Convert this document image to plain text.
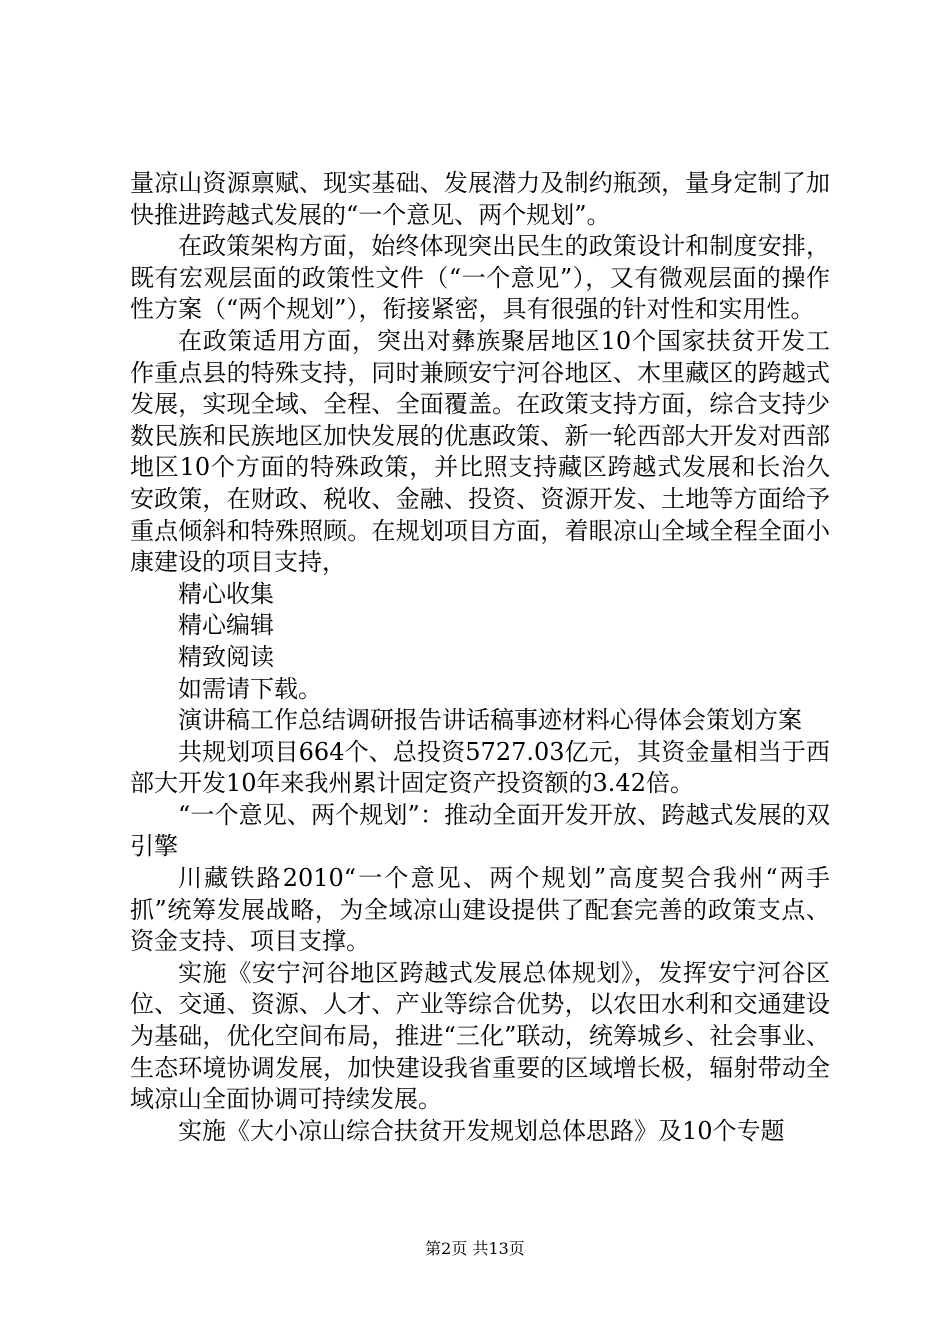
量凉山资源禀赋、现实基础、发展潜力及制约瓶颈，量身定制了加快推进跨越式发展的“一个意见、两个规划”。

在政策架构方面，始终体现突出民生的政策设计和制度安排，既有宏观层面的政策性文件（“一个意见”），又有微观层面的操作性方案（“两个规划”），衔接紧密，具有很强的针对性和实用性。

在政策适用方面，突出对彝族聚居地区10个国家扶贫开发工作重点县的特殊支持，同时兼顾安宁河谷地区、木里藏区的跨越式发展，实现全域、全程、全面覆盖。在政策支持方面，综合支持少数民族和民族地区加快发展的优惠政策、新一轮西部大开发对西部地区10个方面的特殊政策，并比照支持藏区跨越式发展和长治久安政策，在财政、税收、金融、投资、资源开发、土地等方面给予重点倾斜和特殊照顾。在规划项目方面，着眼凉山全域全程全面小康建设的项目支持，

精心收集

精心编辑

精致阅读

如需请下载。

演讲稿工作总结调研报告讲话稿事迹材料心得体会策划方案

共规划项目664个、总投资5727.03亿元，其资金量相当于西部大开发10年来我州累计固定资产投资额的3.42倍。

“一个意见、两个规划”：推动全面开发开放、跨越式发展的双引擎

川藏铁路2010“一个意见、两个规划”高度契合我州“两手抓”统筹发展战略，为全域凉山建设提供了配套完善的政策支点、资金支持、项目支撑。

实施《安宁河谷地区跨越式发展总体规划》，发挥安宁河谷区位、交通、资源、人才、产业等综合优势，以农田水利和交通建设为基础，优化空间布局，推进“三化”联动，统筹城乡、社会事业、生态环境协调发展，加快建设我省重要的区域增长极，辐射带动全域凉山全面协调可持续发展。

实施《大小凉山综合扶贫开发规划总体思路》及10个专题

第2页 共13页
